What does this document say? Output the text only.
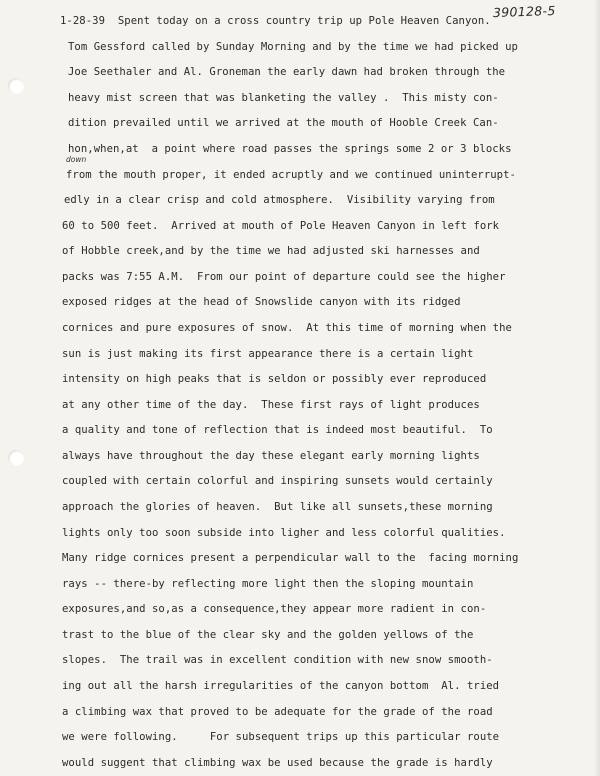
390128-5
down

1-28-39  Spent today on a cross country trip up Pole Heaven Canyon.

Tom Gessford called by Sunday Morning and by the time we had picked up

Joe Seethaler and Al. Groneman the early dawn had broken through the

heavy mist screen that was blanketing the valley .  This misty con-

dition prevailed until we arrived at the mouth of Hooble Creek Can-

hon,when,at  a point where road passes the springs some 2 or 3 blocks

from the mouth proper, it ended acruptly and we continued uninterrupt-

edly in a clear crisp and cold atmosphere.  Visibility varying from

60 to 500 feet.  Arrived at mouth of Pole Heaven Canyon in left fork

of Hobble creek,and by the time we had adjusted ski harnesses and

packs was 7:55 A.M.  From our point of departure could see the higher

exposed ridges at the head of Snowslide canyon with its ridged

cornices and pure exposures of snow.  At this time of morning when the

sun is just making its first appearance there is a certain light

intensity on high peaks that is seldon or possibly ever reproduced

at any other time of the day.  These first rays of light produces

a quality and tone of reflection that is indeed most beautiful.  To

always have throughout the day these elegant early morning lights

coupled with certain colorful and inspiring sunsets would certainly

approach the glories of heaven.  But like all sunsets,these morning

lights only too soon subside into ligher and less colorful qualities.

Many ridge cornices present a perpendicular wall to the  facing morning

rays -- there-by reflecting more light then the sloping mountain

exposures,and so,as a consequence,they appear more radient in con-

trast to the blue of the clear sky and the golden yellows of the

slopes.  The trail was in excellent condition with new snow smooth-

ing out all the harsh irregularities of the canyon bottom  Al. tried

a climbing wax that proved to be adequate for the grade of the road

we were following.     For subsequent trips up this particular route

would suggent that climbing wax be used because the grade is hardly
